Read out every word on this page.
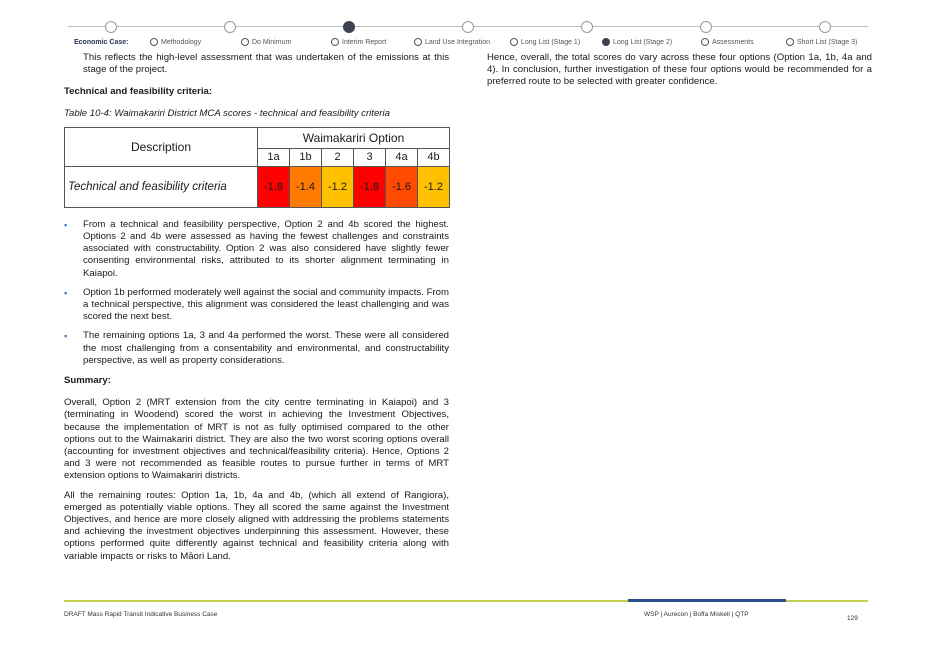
Economic Case:	Methodology	Do Minimum	Interim Report	Land Use Integration	Long List (Stage 1)	Long List (Stage 2)	Assessments	Short List (Stage 3)

This reflects the high-level assessment that was undertaken of the emissions at this stage of the project.

Technical and feasibility criteria:

Table 10-4: Waimakariri District MCA scores - technical and feasibility criteria

Description	Waimakariri Option					
	1a	1b	2	3	4a	4b
Technical and feasibility criteria	-1.8	-1.4	-1.2	-1.8	-1.6	-1.2
▪ From a technical and feasibility perspective, Option 2 and 4b scored the highest. Options 2 and 4b were assessed as having the fewest challenges and constraints associated with constructability. Option 2 was also considered have slightly fewer consenting environmental risks, attributed to its shorter alignment terminating in Kaiapoi.
▪ Option 1b performed moderately well against the social and community impacts. From a technical perspective, this alignment was considered the least challenging and was scored the next best.
▪ The remaining options 1a, 3 and 4a performed the worst. These were all considered the most challenging from a consentability and environmental, and constructability perspective, as well as property considerations.

Summary:

Overall, Option 2 (MRT extension from the city centre terminating in Kaiapoi) and 3 (terminating in Woodend) scored the worst in achieving the Investment Objectives, because the implementation of MRT is not as fully optimised compared to the other options out to the Waimakariri district. They are also the two worst scoring options overall (accounting for investment objectives and technical/feasibility criteria). Hence, Options 2 and 3 were not recommended as feasible routes to pursue further in terms of MRT extension options to Waimakariri districts.

All the remaining routes: Option 1a, 1b, 4a and 4b, (which all extend of Rangiora), emerged as potentially viable options. They all scored the same against the Investment Objectives, and hence are more closely aligned with addressing the problems statements and achieving the investment objectives underpinning this assessment. However, these options performed quite differently against technical and feasibility criteria along with variable impacts or risks to Māori Land.

Hence, overall, the total scores do vary across these four options (Option 1a, 1b, 4a and 4). In conclusion, further investigation of these four options would be recommended for a preferred route to be selected with greater confidence.

DRAFT Mass Rapid Transit Indicative Business Case	WSP | Aurecon | Boffa Miskell | QTP
129
